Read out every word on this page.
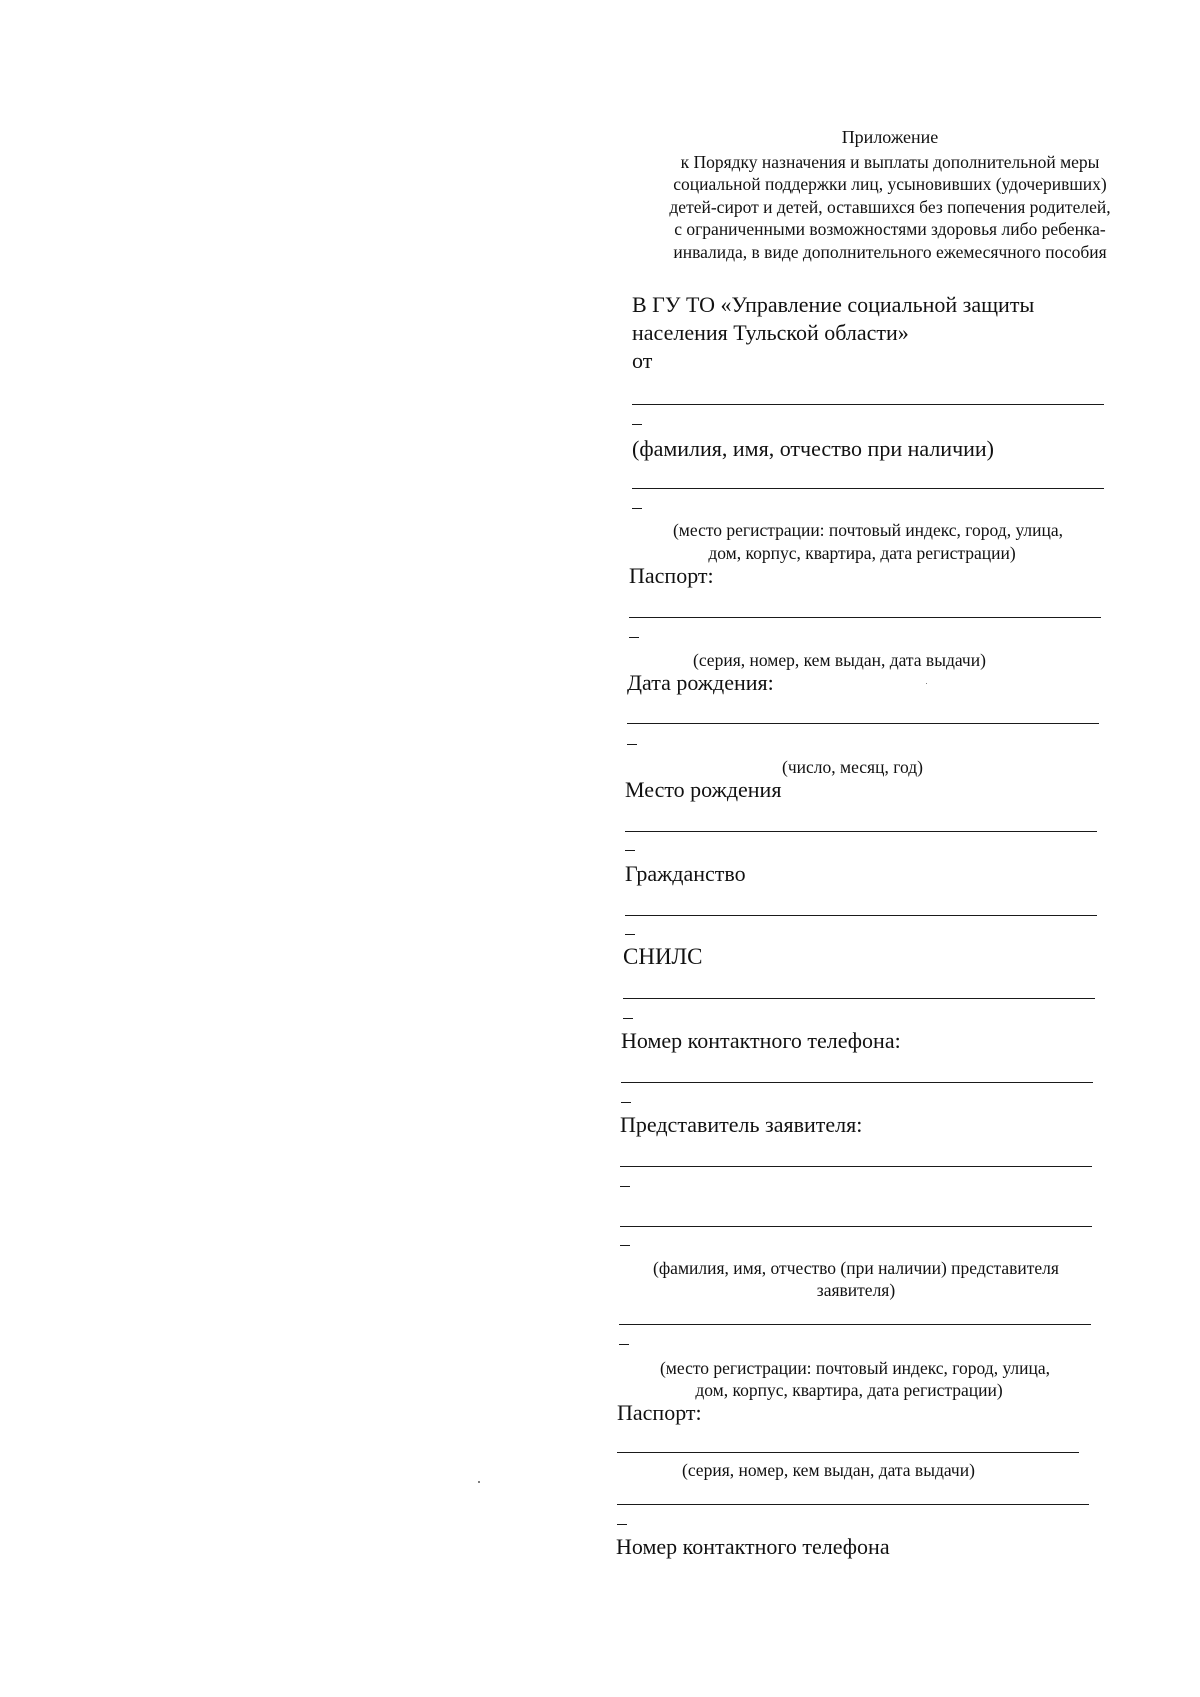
Приложение
к Порядку назначения и выплаты дополнительной меры
социальной поддержки лиц, усыновивших (удочеривших)
детей-сирот и детей, оставшихся без попечения родителей,
с ограниченными возможностями здоровья либо ребенка-
инвалида, в виде дополнительного ежемесячного пособия
В ГУ ТО «Управление социальной защиты
населения Тульской области»
от
(фамилия, имя, отчество при наличии)
(место регистрации: почтовый индекс, город, улица,
дом, корпус, квартира, дата регистрации)
Паспорт:
(серия, номер, кем выдан, дата выдачи)
Дата рождения:
(число, месяц, год)
Место рождения
Гражданство
СНИЛС
Номер контактного телефона:
Представитель заявителя:
(фамилия, имя, отчество (при наличии) представителя
заявителя)
(место регистрации: почтовый индекс, город, улица,
дом, корпус, квартира, дата регистрации)
Паспорт:
(серия, номер, кем выдан, дата выдачи)
Номер контактного телефона
